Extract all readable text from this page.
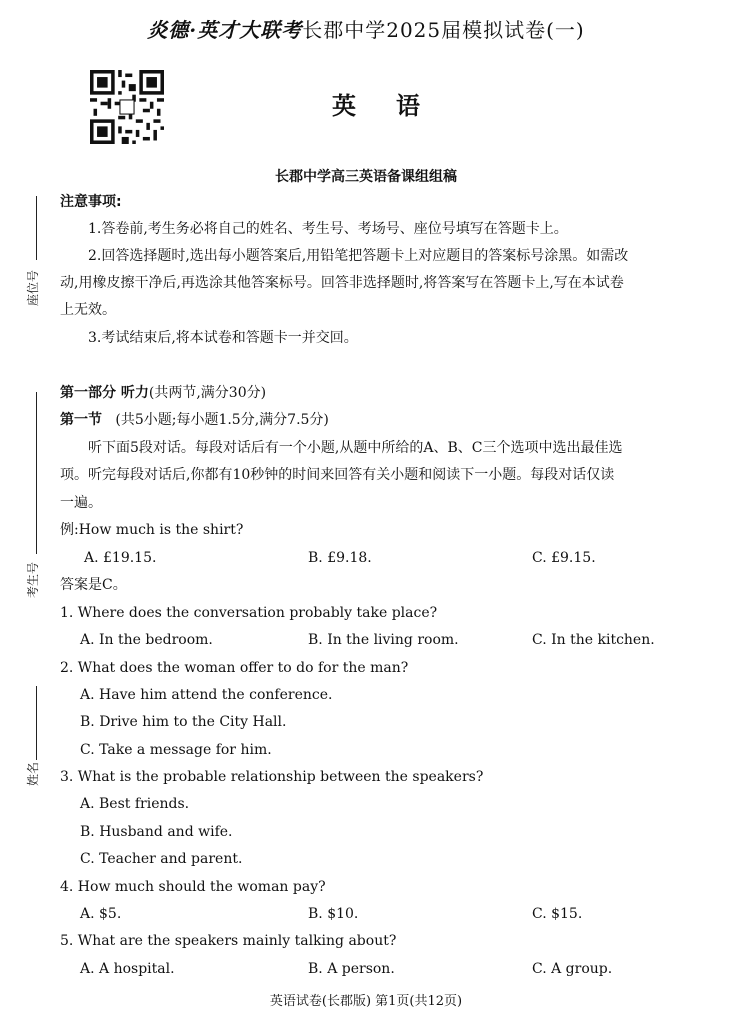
炎德·英才大联考长郡中学2025届模拟试卷(一)
英语
长郡中学高三英语备课组组稿
座位号
考生号
姓名
注意事项:
1.答卷前,考生务必将自己的姓名、考生号、考场号、座位号填写在答题卡上。
2.回答选择题时,选出每小题答案后,用铅笔把答题卡上对应题目的答案标号涂黑。如需改
动,用橡皮擦干净后,再选涂其他答案标号。回答非选择题时,将答案写在答题卡上,写在本试卷
上无效。
3.考试结束后,将本试卷和答题卡一并交回。
第一部分 听力(共两节,满分30分)
第一节 (共5小题;每小题1.5分,满分7.5分)
听下面5段对话。每段对话后有一个小题,从题中所给的A、B、C三个选项中选出最佳选
项。听完每段对话后,你都有10秒钟的时间来回答有关小题和阅读下一小题。每段对话仅读
一遍。
例:How much is the shirt?
A. £19.15.	B. £9.18.	C. £9.15.
答案是C。
1. Where does the conversation probably take place?
A. In the bedroom.	B. In the living room.	C. In the kitchen.
2. What does the woman offer to do for the man?
A. Have him attend the conference.
B. Drive him to the City Hall.
C. Take a message for him.
3. What is the probable relationship between the speakers?
A. Best friends.
B. Husband and wife.
C. Teacher and parent.
4. How much should the woman pay?
A. $5.	B. $10.	C. $15.
5. What are the speakers mainly talking about?
A. A hospital.	B. A person.	C. A group.
英语试卷(长郡版) 第1页(共12页)
